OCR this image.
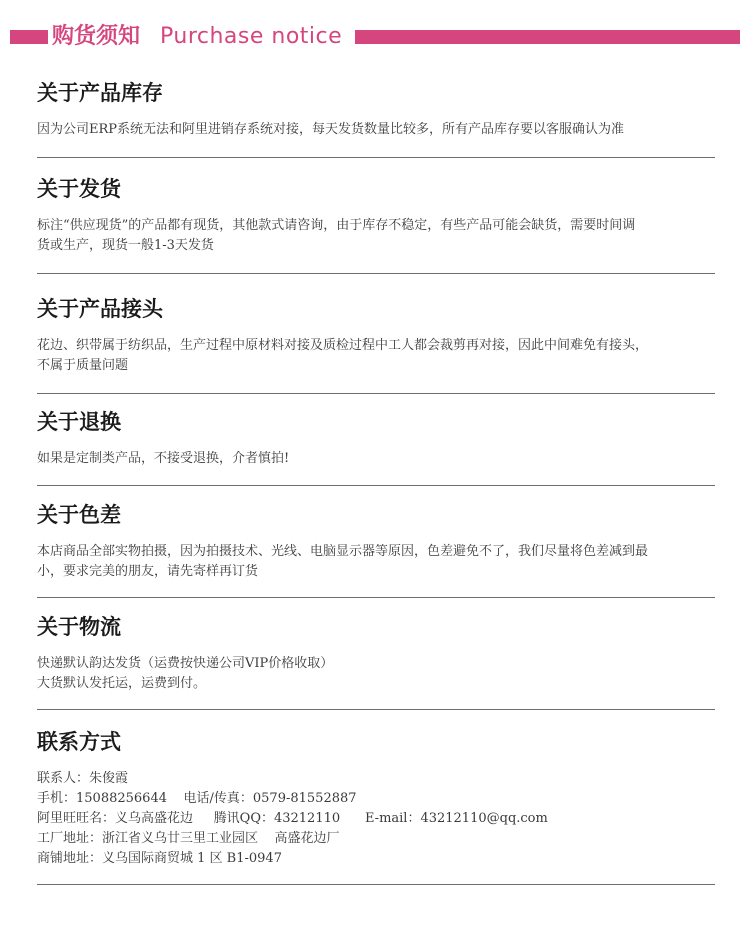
购货须知 Purchase notice
关于产品库存

因为公司ERP系统无法和阿里进销存系统对接，每天发货数量比较多，所有产品库存要以客服确认为准

关于发货

标注“供应现货”的产品都有现货，其他款式请咨询，由于库存不稳定，有些产品可能会缺货，需要时间调

货或生产，现货一般1-3天发货

关于产品接头

花边、织带属于纺织品，生产过程中原材料对接及质检过程中工人都会裁剪再对接，因此中间难免有接头，

不属于质量问题

关于退换

如果是定制类产品，不接受退换，介者慎拍!

关于色差

本店商品全部实物拍摄，因为拍摄技术、光线、电脑显示器等原因，色差避免不了，我们尽量将色差减到最

小，要求完美的朋友，请先寄样再订货

关于物流

快递默认韵达发货（运费按快递公司VIP价格收取）

大货默认发托运，运费到付。

联系方式

联系人：朱俊霞

手机：15088256644    电话/传真：0579-81552887

阿里旺旺名：义乌高盛花边     腾讯QQ：43212110      E-mail：43212110@qq.com

工厂地址：浙江省义乌廿三里工业园区    高盛花边厂

商铺地址：义乌国际商贸城 1 区 B1-0947
